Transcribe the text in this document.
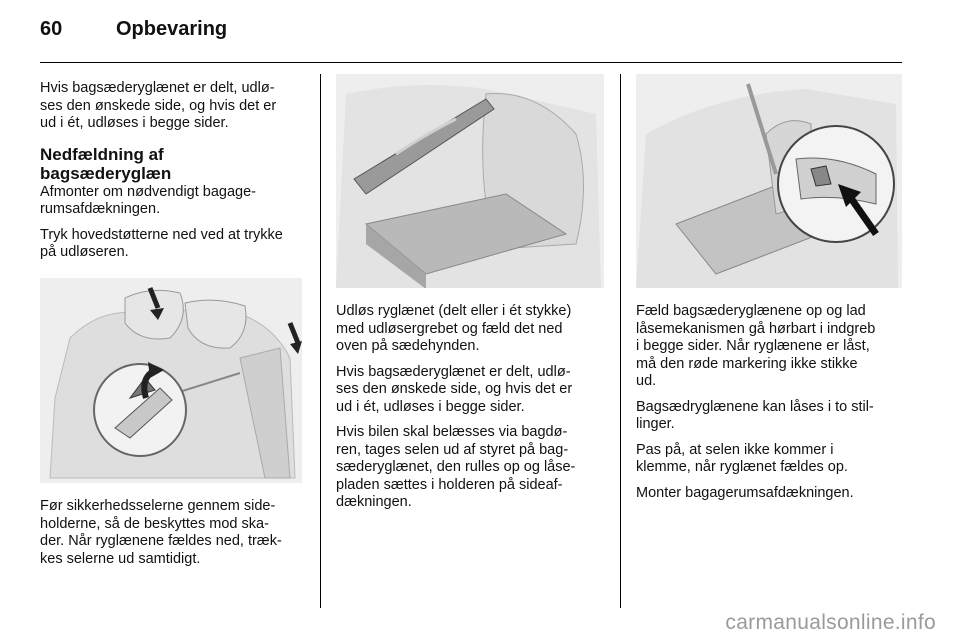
60	Opbevaring

Hvis bagsæderyglænet er delt, udlø-
ses den ønskede side, og hvis det er
ud i ét, udløses i begge sider.

Nedfældning af
bagsæderyglæn

Afmonter om nødvendigt bagage-
rumsafdækningen.

Tryk hovedstøtterne ned ved at trykke
på udløseren.

Før sikkerhedsselerne gennem side-
holderne, så de beskyttes mod ska-
der. Når ryglænene fældes ned, træk-
kes selerne ud samtidigt.

Udløs ryglænet (delt eller i ét stykke)
med udløsergrebet og fæld det ned
oven på sædehynden.

Hvis bagsæderyglænet er delt, udlø-
ses den ønskede side, og hvis det er
ud i ét, udløses i begge sider.

Hvis bilen skal belæsses via bagdø-
ren, tages selen ud af styret på bag-
sæderyglænet, den rulles op og låse-
pladen sættes i holderen på sideaf-
dækningen.

Fæld bagsæderyglænene op og lad
låsemekanismen gå hørbart i indgreb
i begge sider. Når ryglænene er låst,
må den røde markering ikke stikke
ud.

Bagsædryglænene kan låses i to stil-
linger.

Pas på, at selen ikke kommer i
klemme, når ryglænet fældes op.

Monter bagagerumsafdækningen.

carmanualsonline.info
